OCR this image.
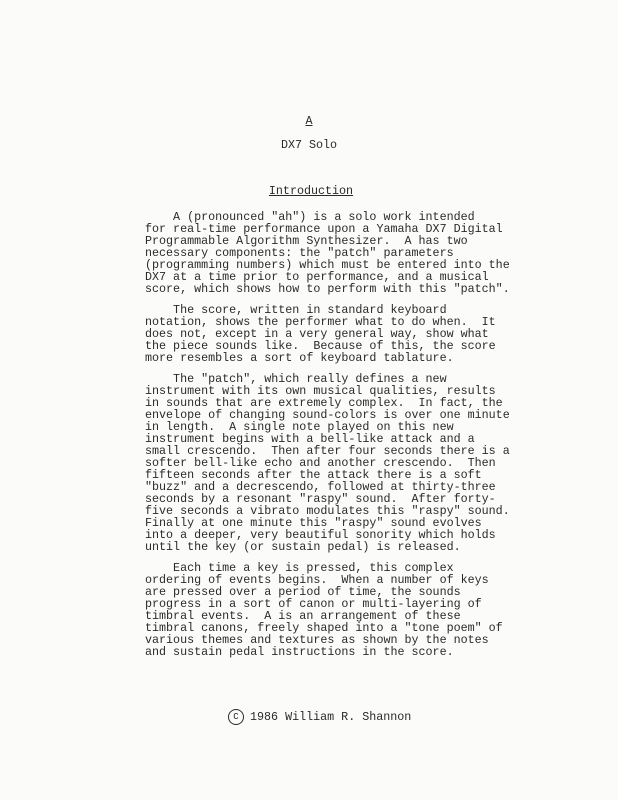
A
DX7 Solo
Introduction
A (pronounced "ah") is a solo work intended
for real-time performance upon a Yamaha DX7 Digital
Programmable Algorithm Synthesizer.  A has two
necessary components: the "patch" parameters
(programming numbers) which must be entered into the
DX7 at a time prior to performance, and a musical
score, which shows how to perform with this "patch".
The score, written in standard keyboard
notation, shows the performer what to do when.  It
does not, except in a very general way, show what
the piece sounds like.  Because of this, the score
more resembles a sort of keyboard tablature.
The "patch", which really defines a new
instrument with its own musical qualities, results
in sounds that are extremely complex.  In fact, the
envelope of changing sound-colors is over one minute
in length.  A single note played on this new
instrument begins with a bell-like attack and a
small crescendo.  Then after four seconds there is a
softer bell-like echo and another crescendo.  Then
fifteen seconds after the attack there is a soft
"buzz" and a decrescendo, followed at thirty-three
seconds by a resonant "raspy" sound.  After forty-
five seconds a vibrato modulates this "raspy" sound.
Finally at one minute this "raspy" sound evolves
into a deeper, very beautiful sonority which holds
until the key (or sustain pedal) is released.
Each time a key is pressed, this complex
ordering of events begins.  When a number of keys
are pressed over a period of time, the sounds
progress in a sort of canon or multi-layering of
timbral events.  A is an arrangement of these
timbral canons, freely shaped into a "tone poem" of
various themes and textures as shown by the notes
and sustain pedal instructions in the score.
C 1986 William R. Shannon
